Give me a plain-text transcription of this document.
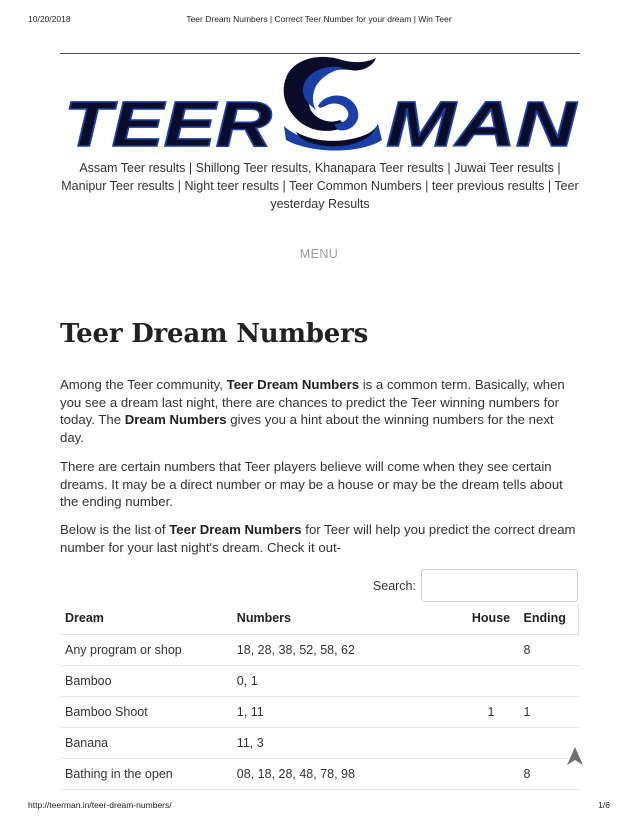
10/20/2018	Teer Dream Numbers | Correct Teer Number for your dream | Win Teer
TEER MAN
Assam Teer results | Shillong Teer results, Khanapara Teer results | Juwai Teer results |
Manipur Teer results | Night teer results | Teer Common Numbers | teer previous results | Teer yesterday Results
MENU
Teer Dream Numbers

Among the Teer community, Teer Dream Numbers is a common term. Basically, when you see a dream last night, there are chances to predict the Teer winning numbers for today. The Dream Numbers gives you a hint about the winning numbers for the next day.

There are certain numbers that Teer players believe will come when they see certain dreams. It may be a direct number or may be a house or may be the dream tells about the ending number.

Below is the list of Teer Dream Numbers for Teer will help you predict the correct dream number for your last night's dream. Check it out-

Search:
Dream	Numbers	House	Ending
Any program or shop	18, 28, 38, 52, 58, 62		8
Bamboo	0, 1		
Bamboo Shoot	1, 11	1	1
Banana	11, 3		
Bathing in the open	08, 18, 28, 48, 78, 98		8
http://teerman.in/teer-dream-numbers/	1/6
